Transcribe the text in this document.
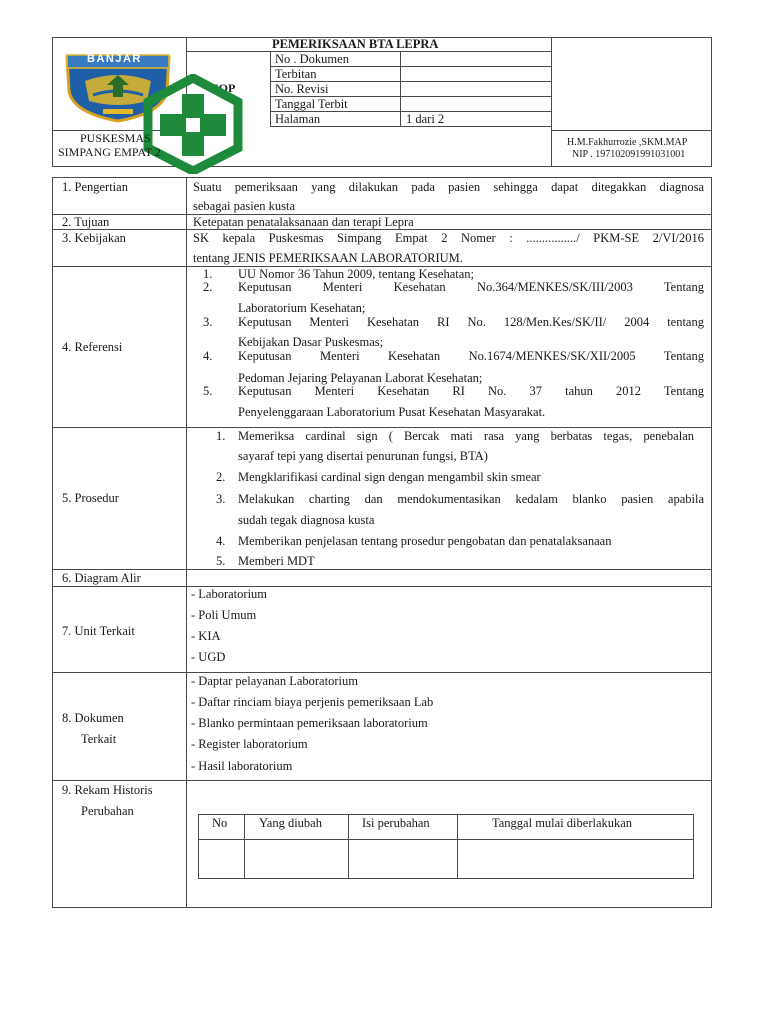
PEMERIKSAAN BTA LEPRA
SOP
No . Dokumen
Terbitan
No. Revisi
Tanggal Terbit
Halaman	1 dari 2
BANJAR
PUSKESMAS
SIMPANG EMPAT 2
H.M.Fakhurrozie ,SKM.MAP
NIP . 197102091991031001
1. Pengertian	Suatu pemeriksaan yang dilakukan pada pasien sehingga dapat ditegakkan diagnosa
sebagai pasien kusta
2. Tujuan	Ketepatan penatalaksanaan dan terapi Lepra
3. Kebijakan	SK kepala Puskesmas Simpang Empat 2 Nomer : ................/ PKM-SE 2/VI/2016
tentang JENIS PEMERIKSAAN LABORATORIUM.
4. Referensi
1. UU Nomor 36 Tahun 2009, tentang Kesehatan;
2. Keputusan Menteri Kesehatan No.364/MENKES/SK/III/2003 Tentang
Laboratorium Kesehatan;
3. Keputusan Menteri Kesehatan RI No. 128/Men.Kes/SK/II/ 2004 tentang
Kebijakan Dasar Puskesmas;
4. Keputusan Menteri Kesehatan No.1674/MENKES/SK/XII/2005 Tentang
Pedoman Jejaring Pelayanan Laborat Kesehatan;
5. Keputusan Menteri Kesehatan RI No. 37 tahun 2012 Tentang
Penyelenggaraan Laboratorium Pusat Kesehatan Masyarakat.
5. Prosedur
1. Memeriksa cardinal sign ( Bercak mati rasa yang berbatas tegas, penebalan
sayaraf tepi yang disertai penurunan fungsi, BTA)
2. Mengklarifikasi cardinal sign dengan mengambil skin smear
3. Melakukan charting dan mendokumentasikan kedalam blanko pasien apabila
sudah tegak diagnosa kusta
4. Memberikan penjelasan tentang prosedur pengobatan dan penatalaksanaan
5. Memberi MDT
6. Diagram Alir
7. Unit Terkait
- Laboratorium
- Poli Umum
- KIA
- UGD
8. Dokumen
Terkait
- Daptar pelayanan Laboratorium
- Daftar rinciam biaya perjenis pemeriksaan Lab
- Blanko permintaan pemeriksaan laboratorium
- Register laboratorium
- Hasil laboratorium
9. Rekam Historis
Perubahan
No	Yang diubah	Isi perubahan	Tanggal mulai diberlakukan
